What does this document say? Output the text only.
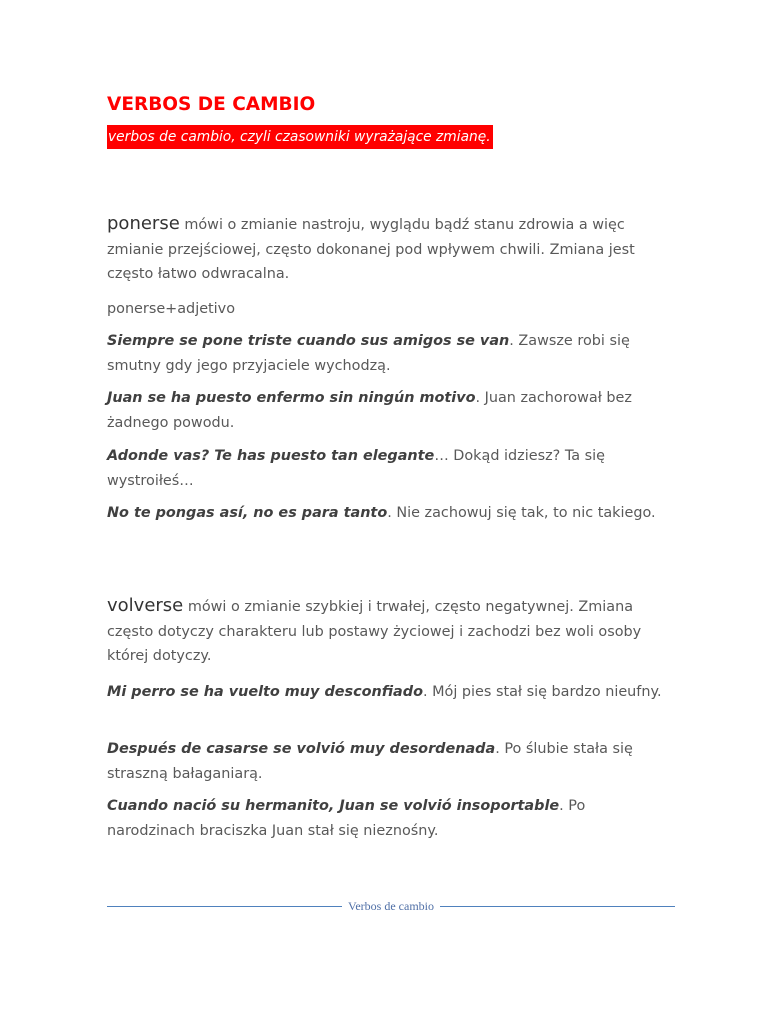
VERBOS DE CAMBIO
verbos de cambio, czyli czasowniki wyrażające zmianę.

ponerse mówi o zmianie nastroju, wyglądu bądź stanu zdrowia a więc zmianie przejściowej, często dokonanej pod wpływem chwili. Zmiana jest często łatwo odwracalna.

ponerse+adjetivo

Siempre se pone triste cuando sus amigos se van. Zawsze robi się smutny gdy jego przyjaciele wychodzą.

Juan se ha puesto enfermo sin ningún motivo. Juan zachorował bez żadnego powodu.

Adonde vas? Te has puesto tan elegante… Dokąd idziesz? Ta się wystroiłeś…

No te pongas así, no es para tanto. Nie zachowuj się tak, to nic takiego.

volverse mówi o zmianie szybkiej i trwałej, często negatywnej. Zmiana często dotyczy charakteru lub postawy życiowej i zachodzi bez woli osoby której dotyczy.

Mi perro se ha vuelto muy desconfiado. Mój pies stał się bardzo nieufny.

Después de casarse se volvió muy desordenada. Po ślubie stała się straszną bałaganiarą.

Cuando nació su hermanito, Juan se volvió insoportable. Po narodzinach braciszka Juan stał się nieznośny.

Verbos de cambio
